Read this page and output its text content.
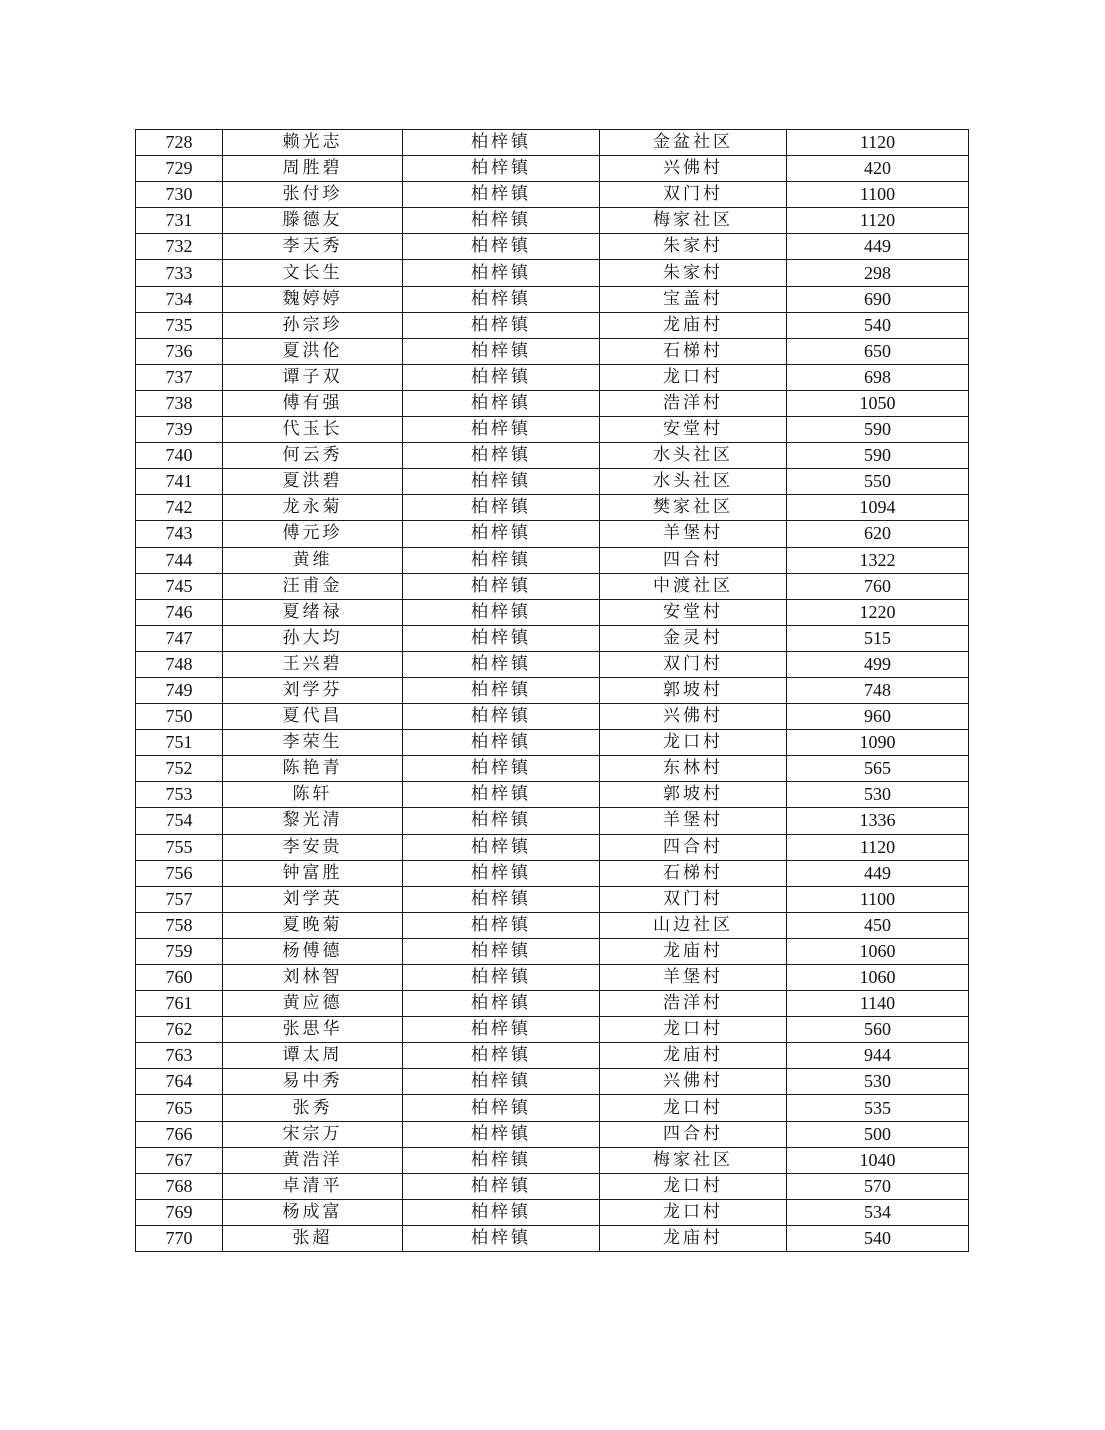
728	赖光志	柏梓镇	金盆社区	1120
729	周胜碧	柏梓镇	兴佛村	420
730	张付珍	柏梓镇	双门村	1100
731	滕德友	柏梓镇	梅家社区	1120
732	李天秀	柏梓镇	朱家村	449
733	文长生	柏梓镇	朱家村	298
734	魏婷婷	柏梓镇	宝盖村	690
735	孙宗珍	柏梓镇	龙庙村	540
736	夏洪伦	柏梓镇	石梯村	650
737	谭子双	柏梓镇	龙口村	698
738	傅有强	柏梓镇	浩洋村	1050
739	代玉长	柏梓镇	安堂村	590
740	何云秀	柏梓镇	水头社区	590
741	夏洪碧	柏梓镇	水头社区	550
742	龙永菊	柏梓镇	樊家社区	1094
743	傅元珍	柏梓镇	羊堡村	620
744	黄维	柏梓镇	四合村	1322
745	汪甫金	柏梓镇	中渡社区	760
746	夏绪禄	柏梓镇	安堂村	1220
747	孙大均	柏梓镇	金灵村	515
748	王兴碧	柏梓镇	双门村	499
749	刘学芬	柏梓镇	郭坡村	748
750	夏代昌	柏梓镇	兴佛村	960
751	李荣生	柏梓镇	龙口村	1090
752	陈艳青	柏梓镇	东林村	565
753	陈轩	柏梓镇	郭坡村	530
754	黎光清	柏梓镇	羊堡村	1336
755	李安贵	柏梓镇	四合村	1120
756	钟富胜	柏梓镇	石梯村	449
757	刘学英	柏梓镇	双门村	1100
758	夏晚菊	柏梓镇	山边社区	450
759	杨傅德	柏梓镇	龙庙村	1060
760	刘林智	柏梓镇	羊堡村	1060
761	黄应德	柏梓镇	浩洋村	1140
762	张思华	柏梓镇	龙口村	560
763	谭太周	柏梓镇	龙庙村	944
764	易中秀	柏梓镇	兴佛村	530
765	张秀	柏梓镇	龙口村	535
766	宋宗万	柏梓镇	四合村	500
767	黄浩洋	柏梓镇	梅家社区	1040
768	卓清平	柏梓镇	龙口村	570
769	杨成富	柏梓镇	龙口村	534
770	张超	柏梓镇	龙庙村	540
